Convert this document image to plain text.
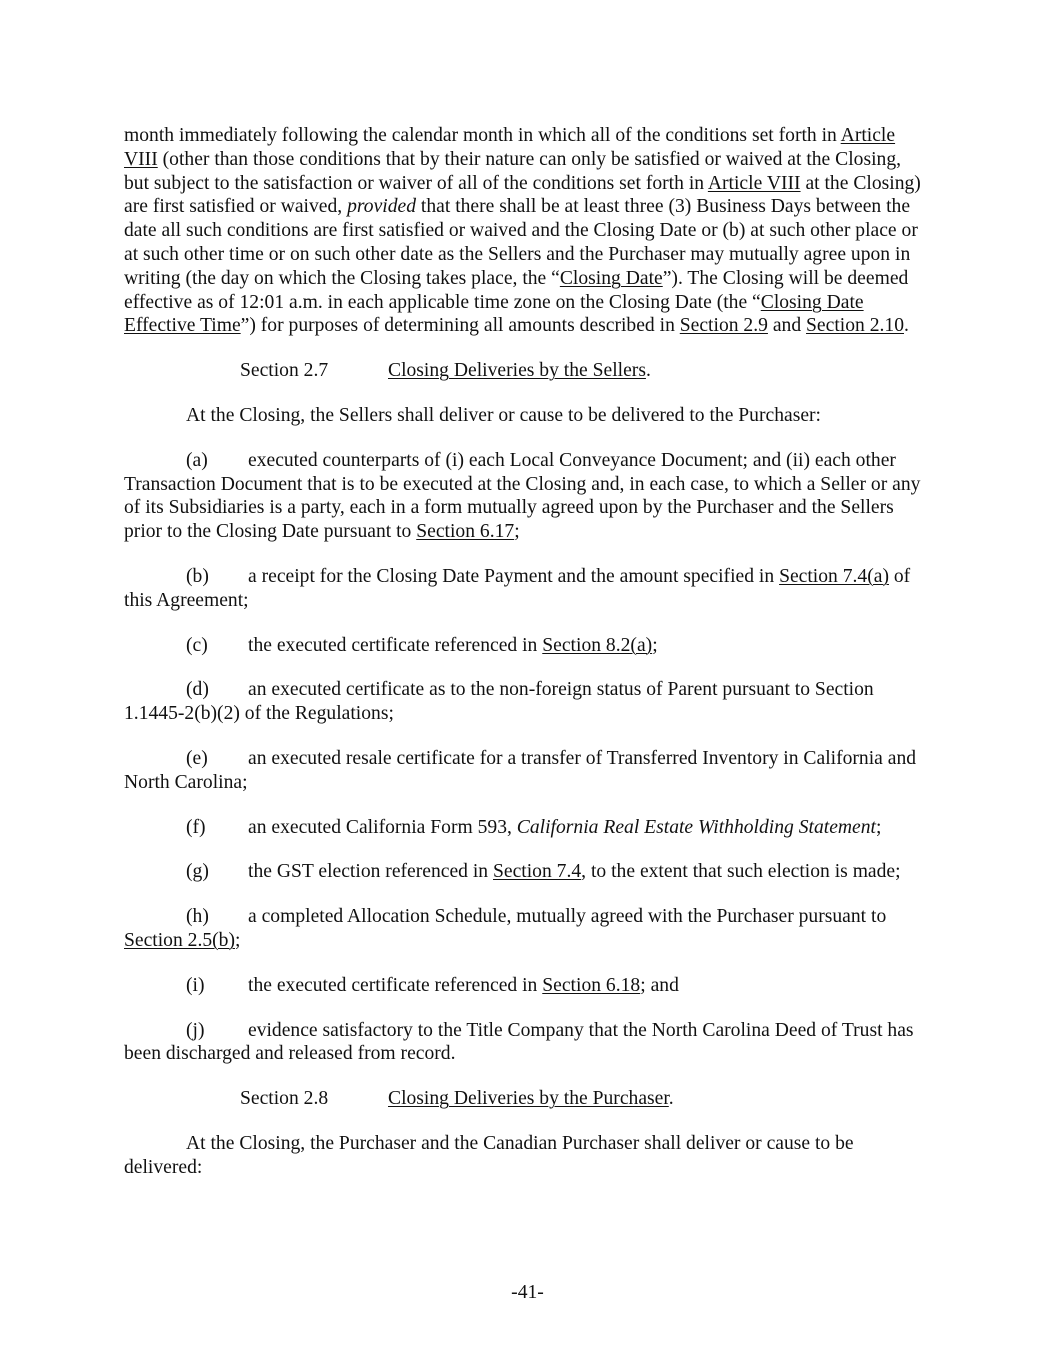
month immediately following the calendar month in which all of the conditions set forth in Article VIII (other than those conditions that by their nature can only be satisfied or waived at the Closing, but subject to the satisfaction or waiver of all of the conditions set forth in Article VIII at the Closing) are first satisfied or waived, provided that there shall be at least three (3) Business Days between the date all such conditions are first satisfied or waived and the Closing Date or (b) at such other place or at such other time or on such other date as the Sellers and the Purchaser may mutually agree upon in writing (the day on which the Closing takes place, the “Closing Date”). The Closing will be deemed effective as of 12:01 a.m. in each applicable time zone on the Closing Date (the “Closing Date Effective Time”) for purposes of determining all amounts described in Section 2.9 and Section 2.10.

Section 2.7	Closing Deliveries by the Sellers.

At the Closing, the Sellers shall deliver or cause to be delivered to the Purchaser:

(a) executed counterparts of (i) each Local Conveyance Document; and (ii) each other Transaction Document that is to be executed at the Closing and, in each case, to which a Seller or any of its Subsidiaries is a party, each in a form mutually agreed upon by the Purchaser and the Sellers prior to the Closing Date pursuant to Section 6.17;

(b) a receipt for the Closing Date Payment and the amount specified in Section 7.4(a) of this Agreement;

(c) the executed certificate referenced in Section 8.2(a);

(d) an executed certificate as to the non-foreign status of Parent pursuant to Section 1.1445-2(b)(2) of the Regulations;

(e) an executed resale certificate for a transfer of Transferred Inventory in California and North Carolina;

(f) an executed California Form 593, California Real Estate Withholding Statement;

(g) the GST election referenced in Section 7.4, to the extent that such election is made;

(h) a completed Allocation Schedule, mutually agreed with the Purchaser pursuant to Section 2.5(b);

(i) the executed certificate referenced in Section 6.18; and

(j) evidence satisfactory to the Title Company that the North Carolina Deed of Trust has been discharged and released from record.

Section 2.8	Closing Deliveries by the Purchaser.

At the Closing, the Purchaser and the Canadian Purchaser shall deliver or cause to be delivered:

-41-
